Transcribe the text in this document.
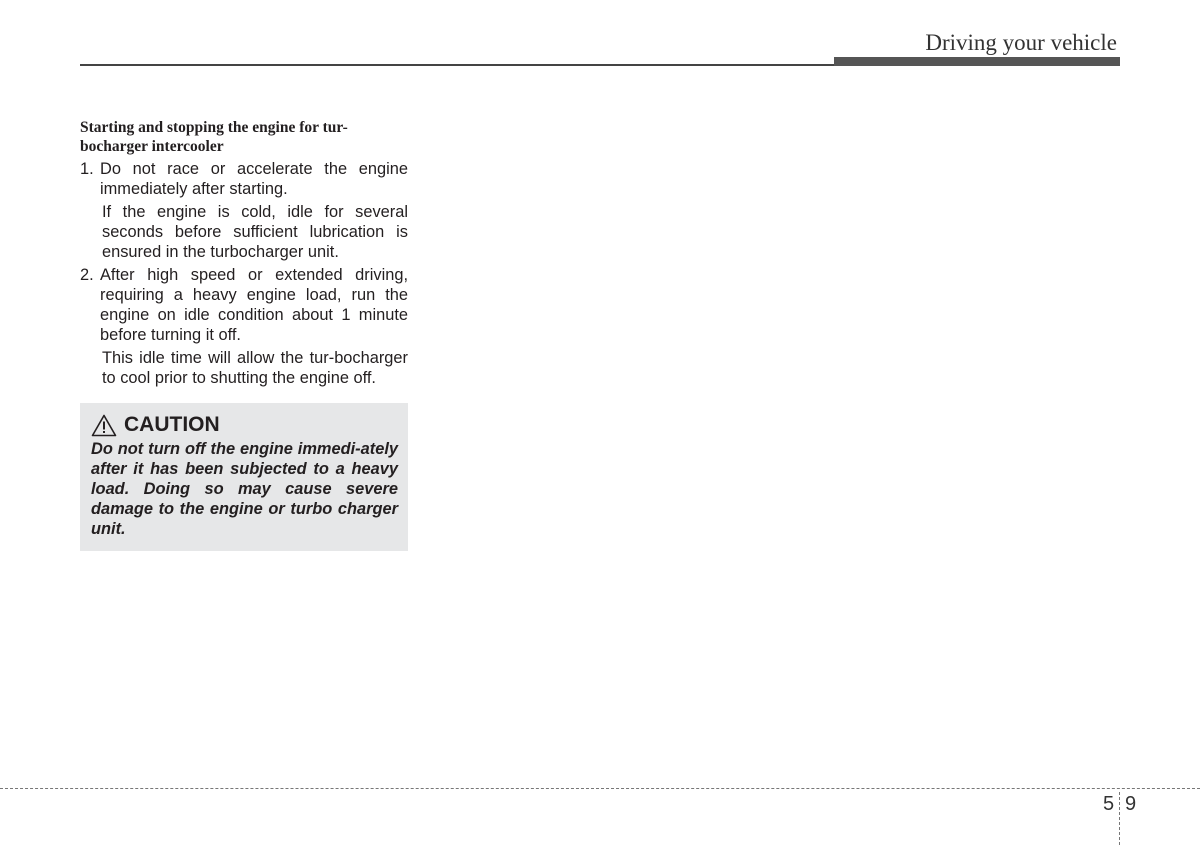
Driving your vehicle
Starting and stopping the engine for tur-bocharger intercooler

1. Do not race or accelerate the engine immediately after starting.

If the engine is cold, idle for several seconds before sufficient lubrication is ensured in the turbocharger unit.

2. After high speed or extended driving, requiring a heavy engine load, run the engine on idle condition about 1 minute before turning it off.

This idle time will allow the tur-bocharger to cool prior to shutting the engine off.

CAUTION

Do not turn off the engine immedi-ately after it has been subjected to a heavy load. Doing so may cause severe damage to the engine or turbo charger unit.

5 9
